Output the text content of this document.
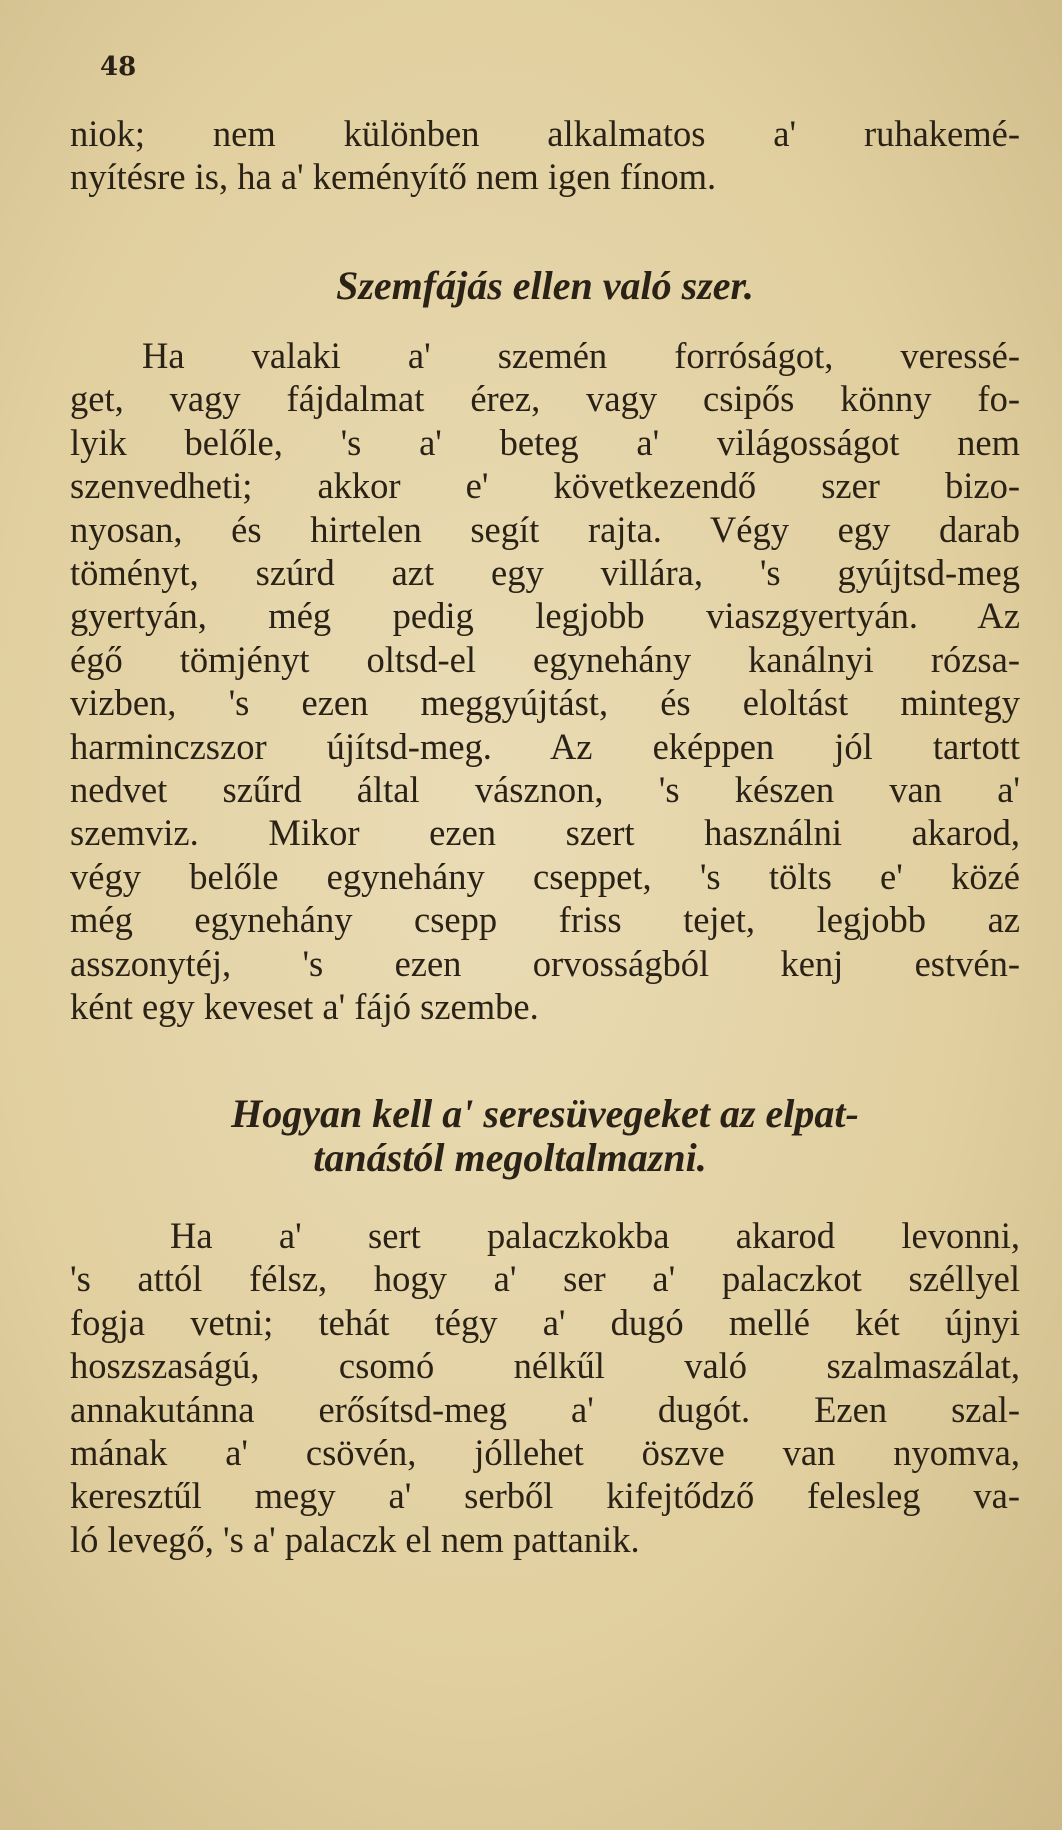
48
niok; nem különben alkalmatos a' ruhakemé-
nyítésre is, ha a' keményítő nem igen fínom.
Szemfájás ellen való szer.
Ha valaki a' szemén forróságot, veressé-
get, vagy fájdalmat érez, vagy csipős könny fo-
lyik belőle, 's a' beteg a' világosságot nem
szenvedheti; akkor e' következendő szer bizo-
nyosan, és hirtelen segít rajta. Végy egy darab
töményt, szúrd azt egy villára, 's gyújtsd-meg
gyertyán, még pedig legjobb viaszgyertyán. Az
égő tömjényt oltsd-el egynehány kanálnyi rózsa-
vizben, 's ezen meggyújtást, és eloltást mintegy
harminczszor újítsd-meg. Az eképpen jól tartott
nedvet szűrd által vásznon, 's készen van a'
szemviz. Mikor ezen szert használni akarod,
végy belőle egynehány cseppet, 's tölts e' közé
még egynehány csepp friss tejet, legjobb az
asszonytéj, 's ezen orvosságból kenj estvén-
ként egy keveset a' fájó szembe.
Hogyan kell a' seresüvegeket az elpat-
tanástól megoltalmazni.
Ha a' sert palaczkokba akarod levonni,
's attól félsz, hogy a' ser a' palaczkot széllyel
fogja vetni; tehát tégy a' dugó mellé két újnyi
hoszszaságú, csomó nélkűl való szalmaszálat,
annakutánna erősítsd-meg a' dugót. Ezen szal-
mának a' csövén, jóllehet öszve van nyomva,
keresztűl megy a' serből kifejtődző felesleg va-
ló levegő, 's a' palaczk el nem pattanik.
